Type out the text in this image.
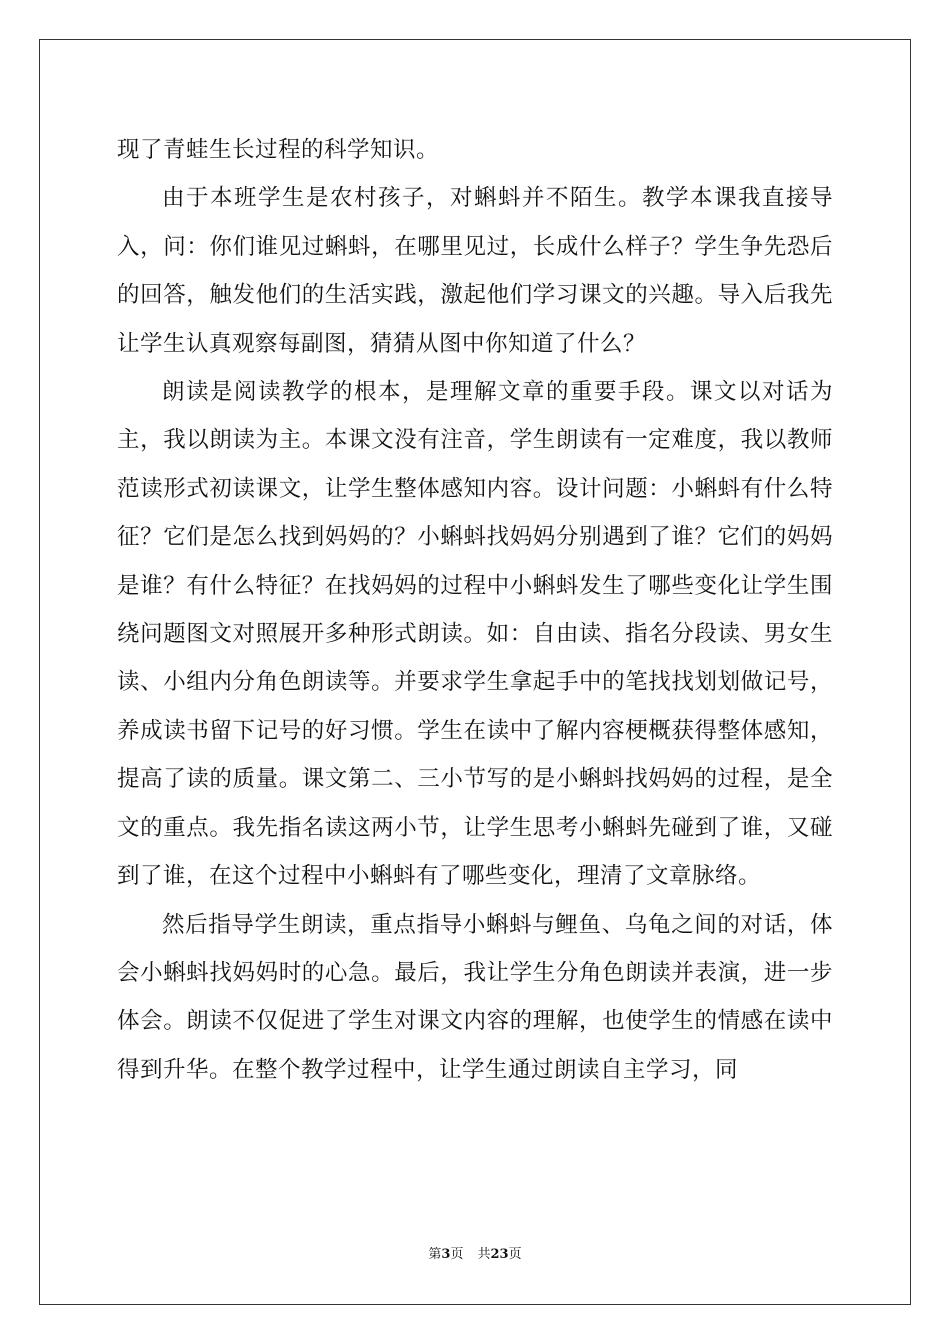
现了青蛙生长过程的科学知识。

由于本班学生是农村孩子，对蝌蚪并不陌生。教学本课我直接导入，问：你们谁见过蝌蚪，在哪里见过，长成什么样子？学生争先恐后的回答，触发他们的生活实践，激起他们学习课文的兴趣。导入后我先让学生认真观察每副图，猜猜从图中你知道了什么？

朗读是阅读教学的根本，是理解文章的重要手段。课文以对话为主，我以朗读为主。本课文没有注音，学生朗读有一定难度，我以教师范读形式初读课文，让学生整体感知内容。设计问题：小蝌蚪有什么特征？它们是怎么找到妈妈的？小蝌蚪找妈妈分别遇到了谁？它们的妈妈是谁？有什么特征？在找妈妈的过程中小蝌蚪发生了哪些变化让学生围绕问题图文对照展开多种形式朗读。如：自由读、指名分段读、男女生读、小组内分角色朗读等。并要求学生拿起手中的笔找找划划做记号，养成读书留下记号的好习惯。学生在读中了解内容梗概获得整体感知，提高了读的质量。课文第二、三小节写的是小蝌蚪找妈妈的过程，是全文的重点。我先指名读这两小节，让学生思考小蝌蚪先碰到了谁，又碰到了谁，在这个过程中小蝌蚪有了哪些变化，理清了文章脉络。

然后指导学生朗读，重点指导小蝌蚪与鲤鱼、乌龟之间的对话，体会小蝌蚪找妈妈时的心急。最后，我让学生分角色朗读并表演，进一步体会。朗读不仅促进了学生对课文内容的理解，也使学生的情感在读中得到升华。在整个教学过程中，让学生通过朗读自主学习，同

第3页 共23页
